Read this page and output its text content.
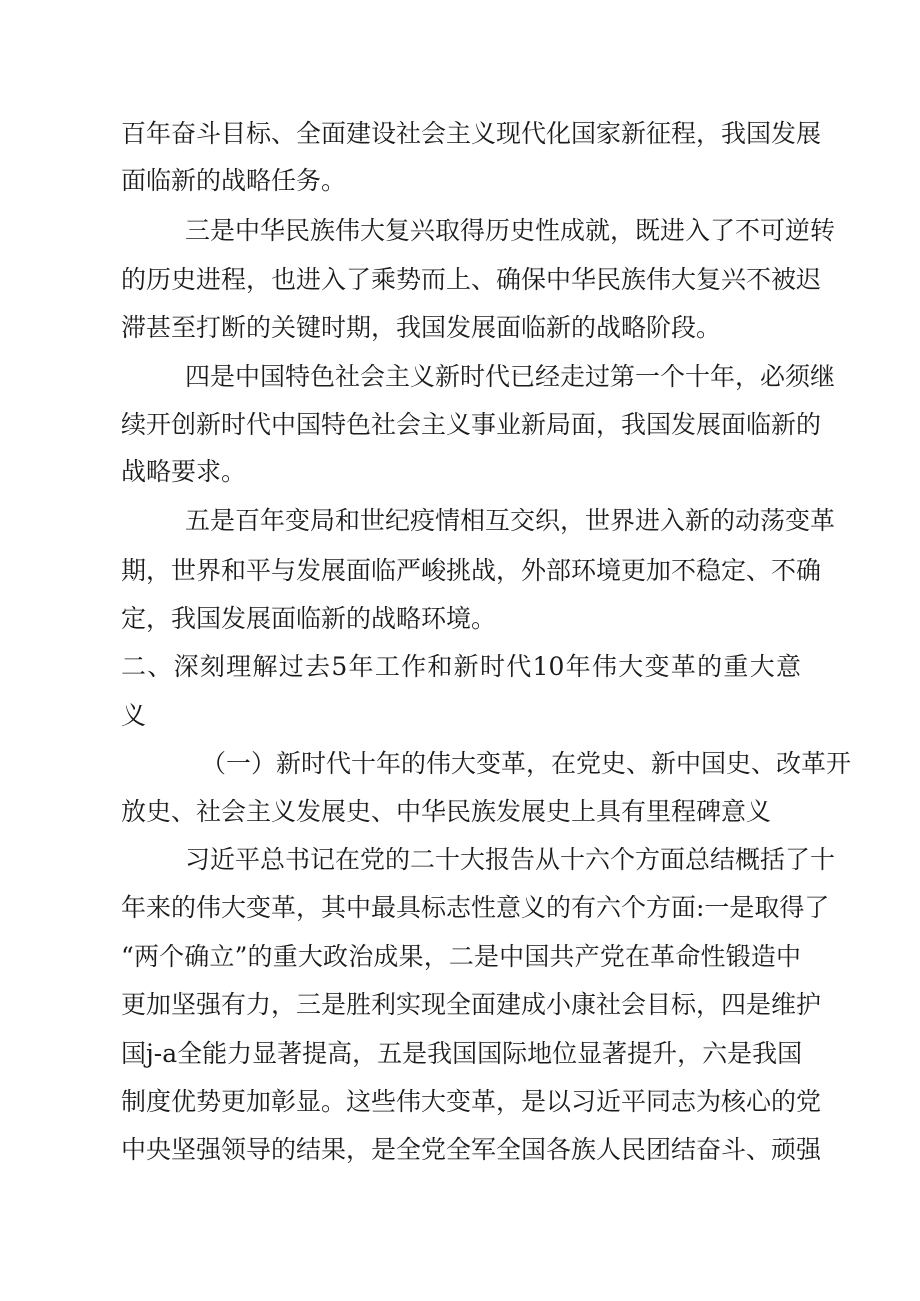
百年奋斗目标、全面建设社会主义现代化国家新征程，我国发展
面临新的战略任务。
三是中华民族伟大复兴取得历史性成就，既进入了不可逆转
的历史进程，也进入了乘势而上、确保中华民族伟大复兴不被迟
滞甚至打断的关键时期，我国发展面临新的战略阶段。
四是中国特色社会主义新时代已经走过第一个十年，必须继
续开创新时代中国特色社会主义事业新局面，我国发展面临新的
战略要求。
五是百年变局和世纪疫情相互交织，世界进入新的动荡变革
期，世界和平与发展面临严峻挑战，外部环境更加不稳定、不确
定，我国发展面临新的战略环境。
二、深刻理解过去5年工作和新时代10年伟大变革的重大意
义
（一）新时代十年的伟大变革，在党史、新中国史、改革开
放史、社会主义发展史、中华民族发展史上具有里程碑意义
习近平总书记在党的二十大报告从十六个方面总结概括了十
年来的伟大变革，其中最具标志性意义的有六个方面:一是取得了
“两个确立”的重大政治成果，二是中国共产党在革命性锻造中
更加坚强有力，三是胜利实现全面建成小康社会目标，四是维护
国j-a全能力显著提高，五是我国国际地位显著提升，六是我国
制度优势更加彰显。这些伟大变革，是以习近平同志为核心的党
中央坚强领导的结果，是全党全军全国各族人民团结奋斗、顽强
